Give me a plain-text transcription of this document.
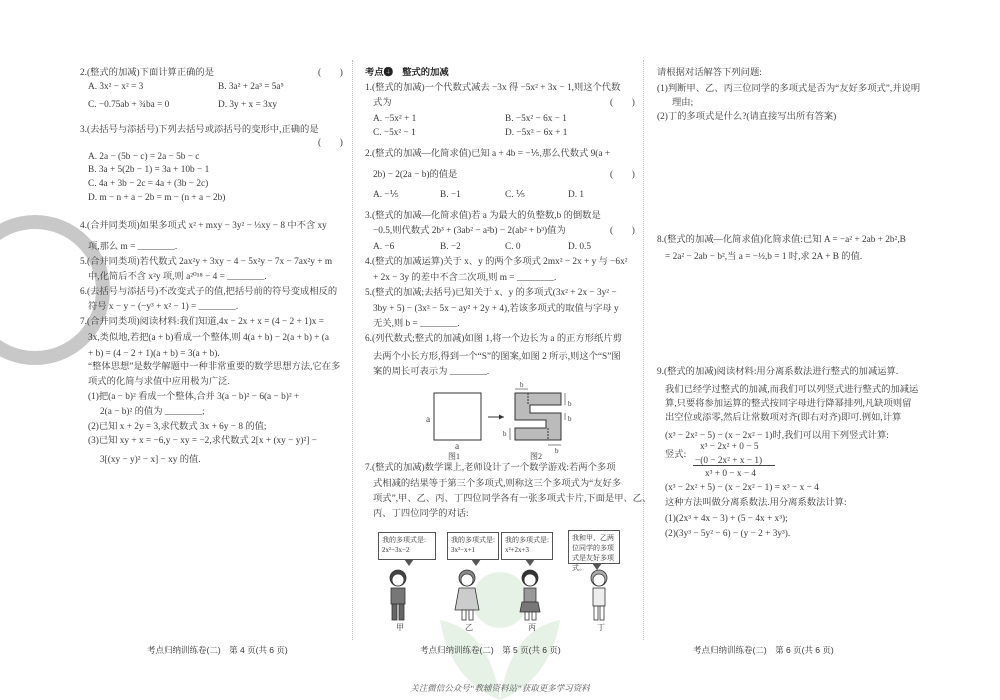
2.(整式的加减)下面计算正确的是	(　　)
A. 3x² − x² = 3	B. 3a² + 2a³ = 5a⁵
C. −0.75ab + ¾ba = 0	D. 3y + x = 3xy
3.(去括号与添括号)下列去括号或添括号的变形中,正确的是
(　　)
A. 2a − (5b − c) = 2a − 5b − c
B. 3a + 5(2b − 1) = 3a + 10b − 1
C. 4a + 3b − 2c = 4a + (3b − 2c)
D. m − n + a − 2b = m − (n + a − 2b)
4.(合并同类项)如果多项式 x² + mxy − 3y² − ⅓xy − 8 中不含 xy
项,那么 m = ________.
5.(合并同类项)若代数式 2ax²y + 3xy − 4 − 5x²y − 7x − 7ax²y + m
中,化简后不含 x²y 项,则 a²⁰¹⁸ − 4 = ________.
6.(去括号与添括号)不改变式子的值,把括号前的符号变成相反的
符号 x − y − (−y³ + x² − 1) = ________.
7.(合并同类项)阅读材料:我们知道,4x − 2x + x = (4 − 2 + 1)x =
3x,类似地,若把(a + b)看成一个整体,则 4(a + b) − 2(a + b) + (a
+ b) = (4 − 2 + 1)(a + b) = 3(a + b).
“整体思想”是数学解题中一种非常重要的数学思想方法,它在多
项式的化简与求值中应用极为广泛.
(1)把(a − b)² 看成一个整体,合并 3(a − b)² − 6(a − b)² +
2(a − b)² 的值为 ________;
(2)已知 x + 2y = 3,求代数式 3x + 6y − 8 的值;
(3)已知 xy + x = −6,y − xy = −2,求代数式 2[x + (xy − y)²] −
3[(xy − y)² − x] − xy 的值.
考点❹　整式的加减
1.(整式的加减)一个代数式减去 −3x 得 −5x² + 3x − 1,则这个代数
式为	(　　)
A. −5x² + 1	B. −5x² − 6x − 1
C. −5x² − 1	D. −5x² − 6x + 1
2.(整式的加减—化简求值)已知 a + 4b = −⅕,那么代数式 9(a +
2b) − 2(2a − b)的值是	(　　)
A. −⅕	B. −1	C. ⅕	D. 1
3.(整式的加减—化简求值)若 a 为最大的负整数,b 的倒数是
−0.5,则代数式 2b³ + (3ab² − a²b) − 2(ab² + b³)值为	(　　)
A. −6	B. −2	C. 0	D. 0.5
4.(整式的加减运算)关于 x、y 的两个多项式 2mx² − 2x + y 与 −6x²
+ 2x − 3y 的差中不含二次项,则 m = ________.
5.(整式的加减;去括号)已知关于 x、y 的多项式(3x² + 2x − 3y² −
3by + 5) − (3x² − 5x − ay² + 2y + 4),若该多项式的取值与字母 y
无关,则 b = ________.
6.(列代数式;整式的加减)如图 1,将一个边长为 a 的正方形纸片剪
去两个小长方形,得到一个“S”的图案,如图 2 所示,则这个“S”图
案的周长可表示为 ________.
7.(整式的加减)数学课上,老师设计了一个数学游戏:若两个多项
式相减的结果等于第三个多项式,则称这三个多项式为“友好多
项式”,甲、乙、丙、丁四位同学各有一张多项式卡片,下面是甲、乙、
丙、丁四位同学的对话:
请根据对话解答下列问题:
(1)判断甲、乙、丙三位同学的多项式是否为“友好多项式”,并说明
理由;
(2)丁的多项式是什么?(请直接写出所有答案)
8.(整式的加减—化简求值)化简求值:已知 A = −a² + 2ab + 2b²,B
= 2a² − 2ab − b²,当 a = −½,b = 1 时,求 2A + B 的值.
9.(整式的加减)阅读材料:用分离系数法进行整式的加减运算.
我们已经学过整式的加减,而我们可以列竖式进行整式的加减运
算,只要将参加运算的整式按同字母进行降幂排列,凡缺项则留
出空位或添零,然后让常数项对齐(即右对齐)即可.例如,计算
(x³ − 2x² − 5) − (x − 2x² − 1)时,我们可以用下列竖式计算:
竖式:
x³ − 2x² + 0 − 5
−(0 − 2x² + x − 1)
x³ + 0 − x − 4
(x³ − 2x² + 5) − (x − 2x² − 1) = x³ − x − 4
这种方法叫做分离系数法.用分离系数法计算:
(1)(2x³ + 4x − 3) + (5 − 4x + x³);
(2)(3y³ − 5y² − 6) − (y − 2 + 3y³).
a
a
b
b
b
b
b
图1	图2
我的多项式是:
2x²−3x−2
我的多项式是:
3x²−x+1
我的多项式是:
x²+2x+3
我和甲、乙两位同学的多项式是友好多项式。
甲	乙	丙	丁
考点归纳训练卷(二)　第 4 页(共 6 页)	考点归纳训练卷(二)　第 5 页(共 6 页)	考点归纳训练卷(二)　第 6 页(共 6 页)
关注微信公众号“教辅资料站”获取更多学习资料
